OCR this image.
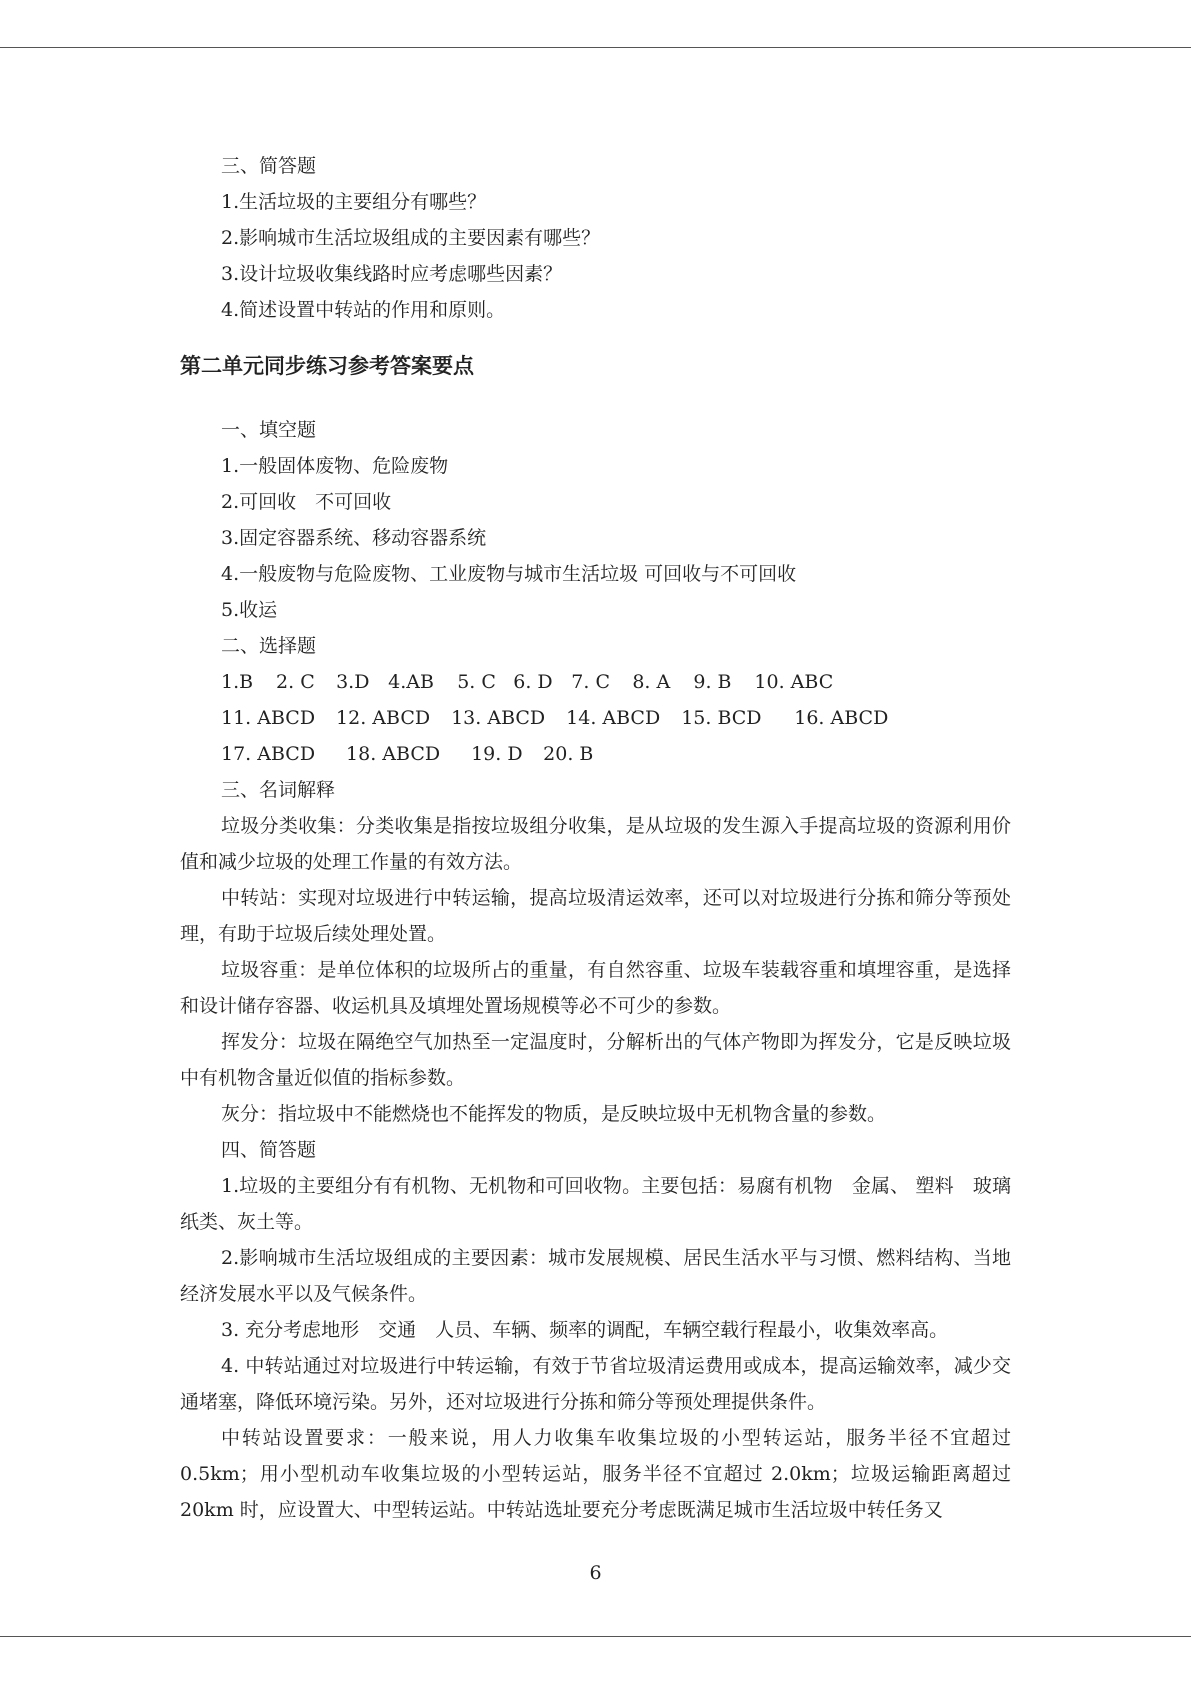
三、简答题
1.生活垃圾的主要组分有哪些？
2.影响城市生活垃圾组成的主要因素有哪些？
3.设计垃圾收集线路时应考虑哪些因素？
4.简述设置中转站的作用和原则。
第二单元同步练习参考答案要点
一、填空题
1.一般固体废物、危险废物
2.可回收　不可回收
3.固定容器系统、移动容器系统
4.一般废物与危险废物、工业废物与城市生活垃圾 可回收与不可回收
5.收运
二、选择题
1.B 2. C 3.D 4.AB 5. C 6. D 7. C 8. A 9. B 10. ABC
11. ABCD 12. ABCD 13. ABCD 14. ABCD 15. BCD 16. ABCD
17. ABCD 18. ABCD 19. D 20. B
三、名词解释
垃圾分类收集：分类收集是指按垃圾组分收集，是从垃圾的发生源入手提高垃圾的资源利用价值和减少垃圾的处理工作量的有效方法。
中转站：实现对垃圾进行中转运输，提高垃圾清运效率，还可以对垃圾进行分拣和筛分等预处理，有助于垃圾后续处理处置。
垃圾容重：是单位体积的垃圾所占的重量，有自然容重、垃圾车装载容重和填埋容重，是选择和设计储存容器、收运机具及填埋处置场规模等必不可少的参数。
挥发分：垃圾在隔绝空气加热至一定温度时，分解析出的气体产物即为挥发分，它是反映垃圾中有机物含量近似值的指标参数。
灰分：指垃圾中不能燃烧也不能挥发的物质，是反映垃圾中无机物含量的参数。
四、简答题
1.垃圾的主要组分有有机物、无机物和可回收物。主要包括：易腐有机物　金属、 塑料　玻璃　纸类、灰土等。
2.影响城市生活垃圾组成的主要因素：城市发展规模、居民生活水平与习惯、燃料结构、当地经济发展水平以及气候条件。
3. 充分考虑地形　交通　人员、车辆、频率的调配，车辆空载行程最小，收集效率高。
4. 中转站通过对垃圾进行中转运输，有效于节省垃圾清运费用或成本，提高运输效率，减少交通堵塞，降低环境污染。另外，还对垃圾进行分拣和筛分等预处理提供条件。
中转站设置要求：一般来说，用人力收集车收集垃圾的小型转运站，服务半径不宜超过 0.5km；用小型机动车收集垃圾的小型转运站，服务半径不宜超过 2.0km；垃圾运输距离超过 20km 时，应设置大、中型转运站。中转站选址要充分考虑既满足城市生活垃圾中转任务又
6
